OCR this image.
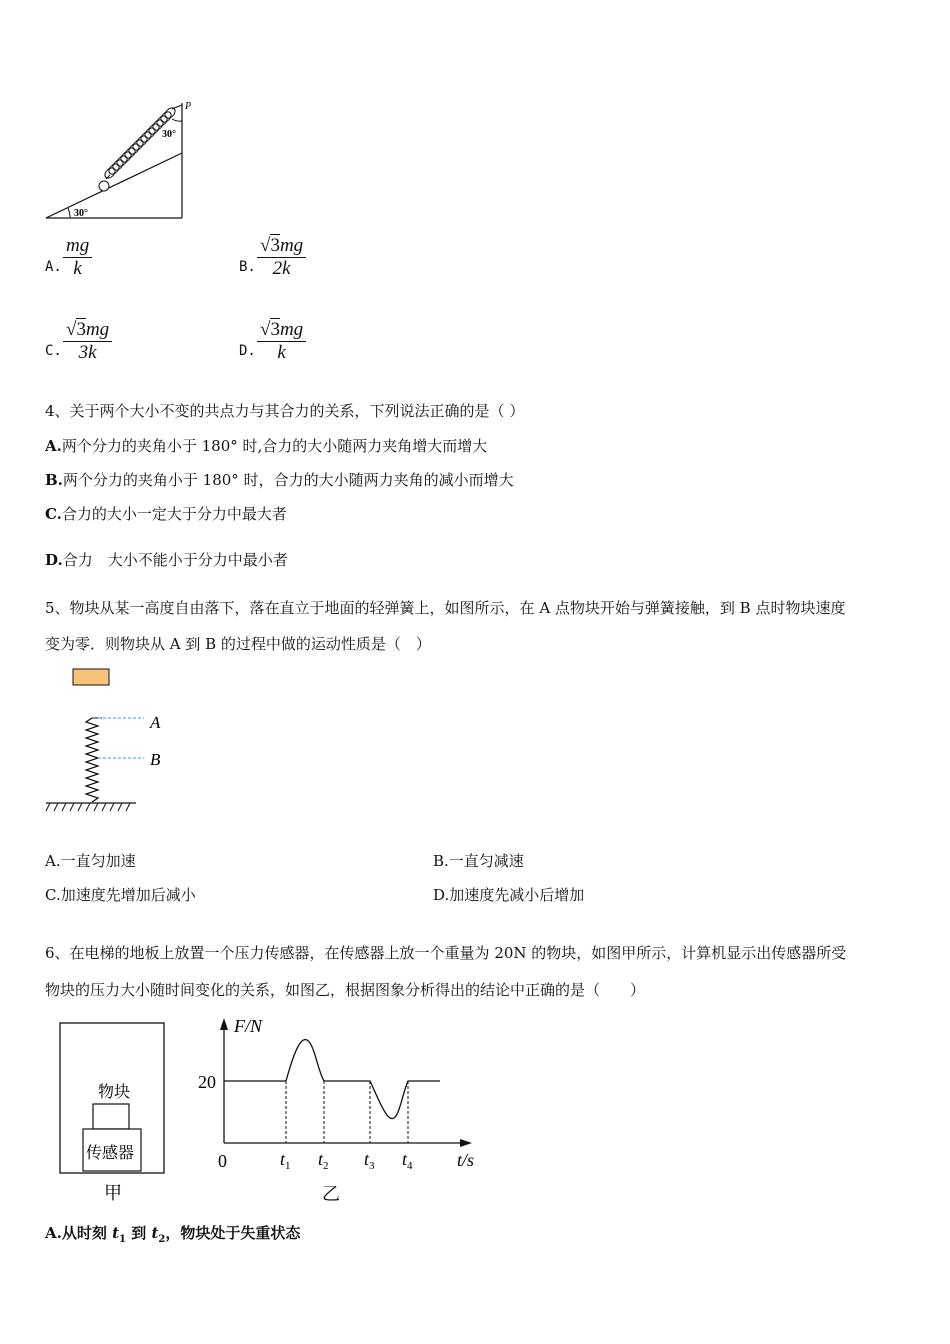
30°
30°
P
A. $\frac{mg}{k}$	B. $\frac{√3mg}{2k}$
C. $\frac{√3mg}{3k}$	D. $\frac{√3mg}{k}$
4、关于两个大小不变的共点力与其合力的关系，下列说法正确的是（ ）
A.两个分力的夹角小于 180° 时,合力的大小随两力夹角增大而增大
B.两个分力的夹角小于 180° 时，合力的大小随两力夹角的减小而增大
C.合力的大小一定大于分力中最大者
D.合力　大小不能小于分力中最小者
5、物块从某一高度自由落下，落在直立于地面的轻弹簧上，如图所示，在 A 点物块开始与弹簧接触，到 B 点时物块速度
变为零．则物块从 A 到 B 的过程中做的运动性质是（　）
A
B
A.一直匀加速	B.一直匀减速
C.加速度先增加后减小	D.加速度先减小后增加
6、在电梯的地板上放置一个压力传感器，在传感器上放一个重量为 20N 的物块，如图甲所示，计算机显示出传感器所受
物块的压力大小随时间变化的关系，如图乙，根据图象分析得出的结论中正确的是（　　）
物块
传感器
甲
F/N
t/s
0
20
$t_1$ $t_2$ $t_3$ $t_4$
乙
A.从时刻 $t_1$ 到 $t_2$，物块处于失重状态
